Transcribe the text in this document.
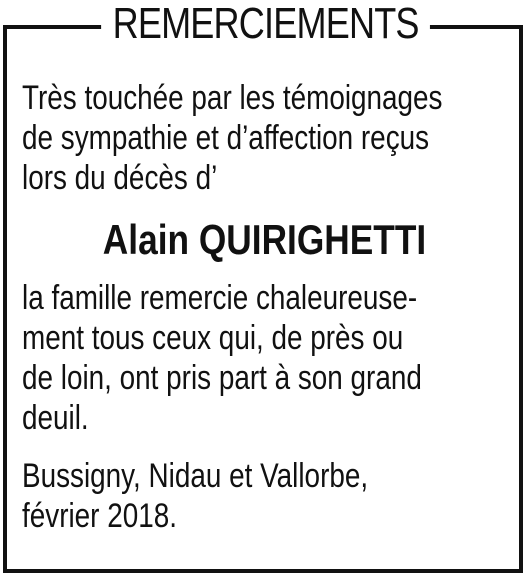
REMERCIEMENTS
Très touchée par les témoignages
de sympathie et d’affection reçus
lors du décès d’
Alain QUIRIGHETTI
la famille remercie chaleureuse-
ment tous ceux qui, de près ou
de loin, ont pris part à son grand
deuil.
Bussigny, Nidau et Vallorbe,
février 2018.
